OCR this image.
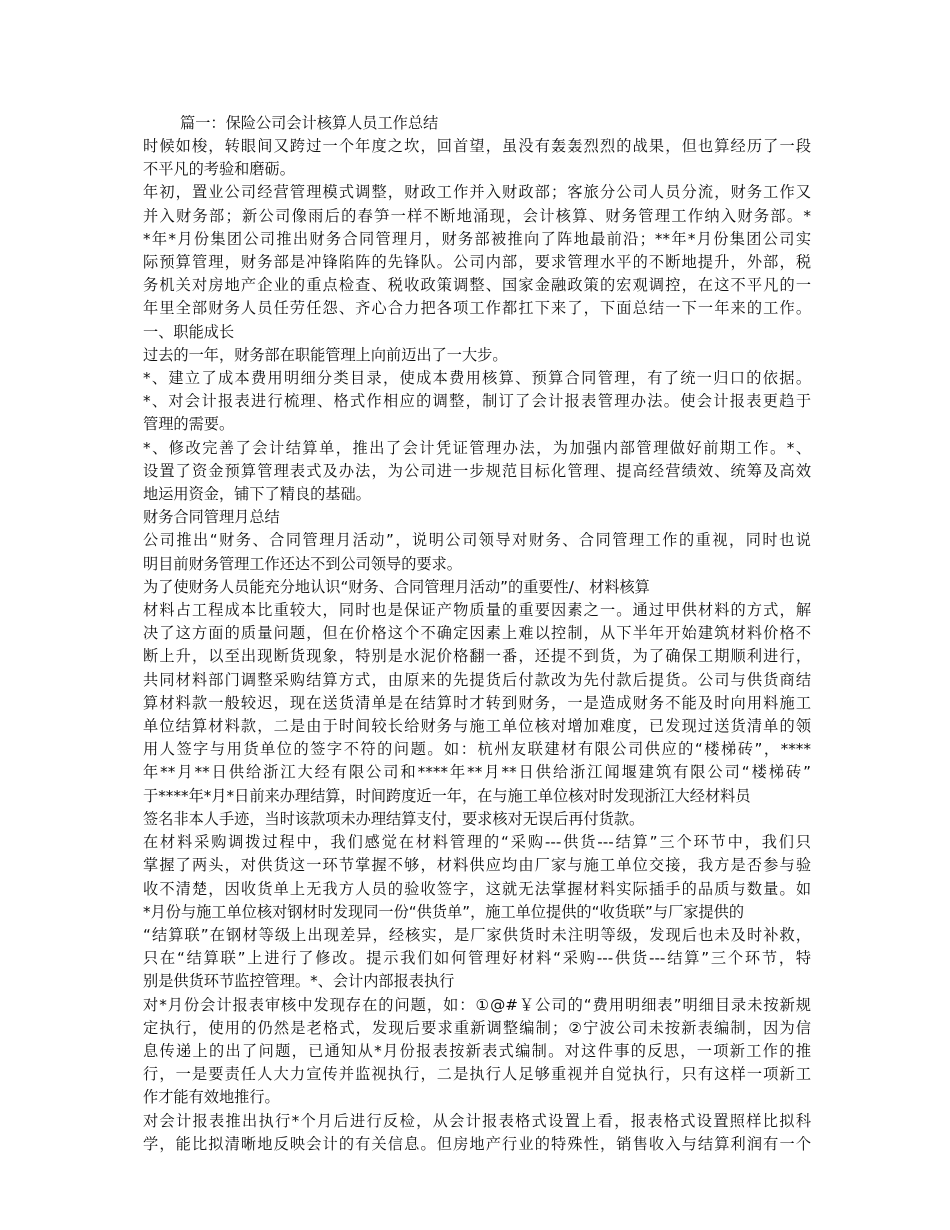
篇一：保险公司会计核算人员工作总结

时候如梭，转眼间又跨过一个年度之坎，回首望，虽没有轰轰烈烈的战果，但也算经历了一段
不平凡的考验和磨砺。

年初，置业公司经营管理模式调整，财政工作并入财政部；客旅分公司人员分流，财务工作又
并入财务部；新公司像雨后的春笋一样不断地涌现，会计核算、财务管理工作纳入财务部。*
*年*月份集团公司推出财务合同管理月，财务部被推向了阵地最前沿；**年*月份集团公司实
际预算管理，财务部是冲锋陷阵的先锋队。公司内部，要求管理水平的不断地提升，外部，税
务机关对房地产企业的重点检查、税收政策调整、国家金融政策的宏观调控，在这不平凡的一
年里全部财务人员任劳任怨、齐心合力把各项工作都扛下来了，下面总结一下一年来的工作。

一、职能成长

过去的一年，财务部在职能管理上向前迈出了一大步。

*、建立了成本费用明细分类目录，使成本费用核算、预算合同管理，有了统一归口的依据。

*、对会计报表进行梳理、格式作相应的调整，制订了会计报表管理办法。使会计报表更趋于
管理的需要。

*、修改完善了会计结算单，推出了会计凭证管理办法，为加强内部管理做好前期工作。*、
设置了资金预算管理表式及办法，为公司进一步规范目标化管理、提高经营绩效、统筹及高效
地运用资金，铺下了精良的基础。

财务合同管理月总结

公司推出“财务、合同管理月活动”，说明公司领导对财务、合同管理工作的重视，同时也说
明目前财务管理工作还达不到公司领导的要求。

为了使财务人员能充分地认识“财务、合同管理月活动”的重要性/、材料核算

材料占工程成本比重较大，同时也是保证产物质量的重要因素之一。通过甲供材料的方式，解
决了这方面的质量问题，但在价格这个不确定因素上难以控制，从下半年开始建筑材料价格不
断上升，以至出现断货现象，特别是水泥价格翻一番，还提不到货，为了确保工期顺利进行，
共同材料部门调整采购结算方式，由原来的先提货后付款改为先付款后提货。公司与供货商结
算材料款一般较迟，现在送货清单是在结算时才转到财务，一是造成财务不能及时向用料施工
单位结算材料款，二是由于时间较长给财务与施工单位核对增加难度，已发现过送货清单的领
用人签字与用货单位的签字不符的问题。如：杭州友联建材有限公司供应的“楼梯砖”，****
年**月**日供给浙江大经有限公司和****年**月**日供给浙江闻堰建筑有限公司“楼梯砖”
于****年*月*日前来办理结算，时间跨度近一年，在与施工单位核对时发现浙江大经材料员
签名非本人手迹，当时该款项未办理结算支付，要求核对无误后再付货款。

在材料采购调拨过程中，我们感觉在材料管理的“采购---供货---结算”三个环节中，我们只
掌握了两头，对供货这一环节掌握不够，材料供应均由厂家与施工单位交接，我方是否参与验
收不清楚，因收货单上无我方人员的验收签字，这就无法掌握材料实际插手的品质与数量。如
*月份与施工单位核对钢材时发现同一份“供货单”，施工单位提供的“收货联”与厂家提供的
“结算联”在钢材等级上出现差异，经核实，是厂家供货时未注明等级，发现后也未及时补救，
只在“结算联”上进行了修改。提示我们如何管理好材料“采购---供货---结算”三个环节，特
别是供货环节监控管理。*、会计内部报表执行

对*月份会计报表审核中发现存在的问题，如：①@#￥公司的“费用明细表”明细目录未按新规
定执行，使用的仍然是老格式，发现后要求重新调整编制；②宁波公司未按新表编制，因为信
息传递上的出了问题，已通知从*月份报表按新表式编制。对这件事的反思，一项新工作的推
行，一是要责任人大力宣传并监视执行，二是执行人足够重视并自觉执行，只有这样一项新工
作才能有效地推行。

对会计报表推出执行*个月后进行反检，从会计报表格式设置上看，报表格式设置照样比拟科
学，能比拟清晰地反映会计的有关信息。但房地产行业的特殊性，销售收入与结算利润有一个
